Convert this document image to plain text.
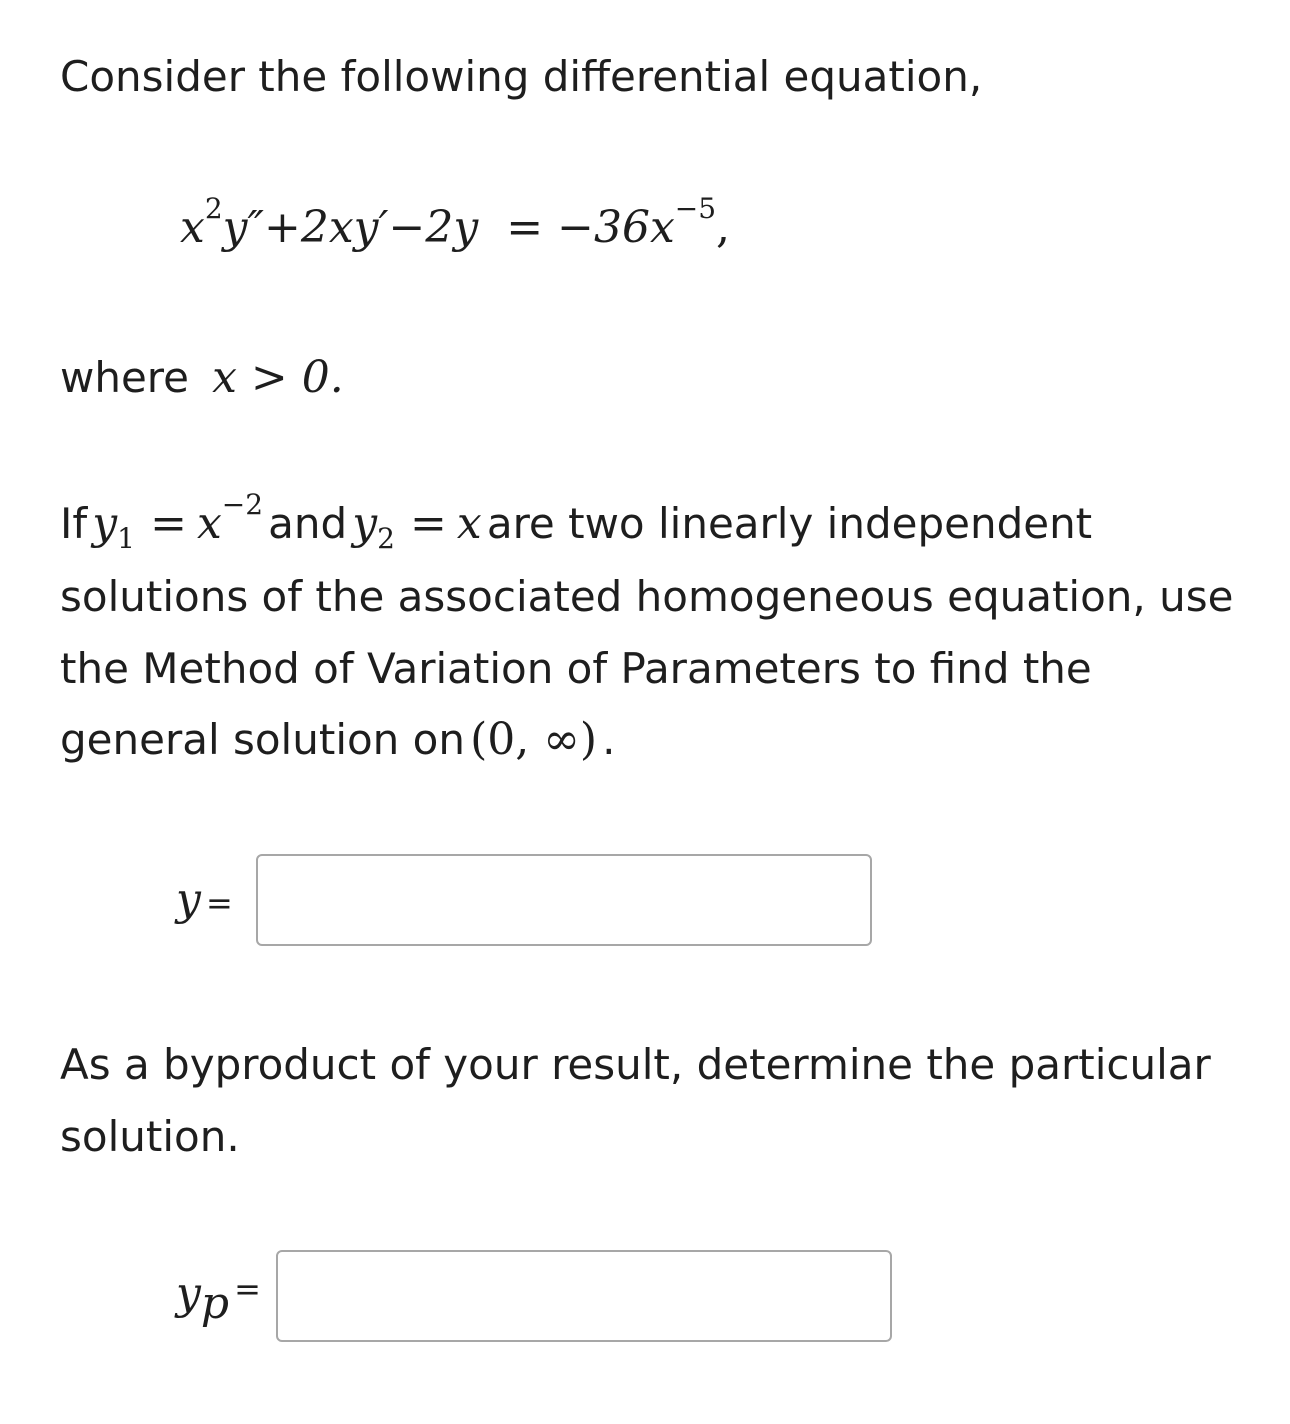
Consider the following differential equation,
$x^2y''+2xy'-2y = -36x^{-5}$,
where x > 0.
If y1 = x−2 and y2 = x are two linearly independent
solutions of the associated homogeneous equation, use
the Method of Variation of Parameters to find the
general solution on (0, ∞) .
y =
As a byproduct of your result, determine the particular
solution.
yp =
